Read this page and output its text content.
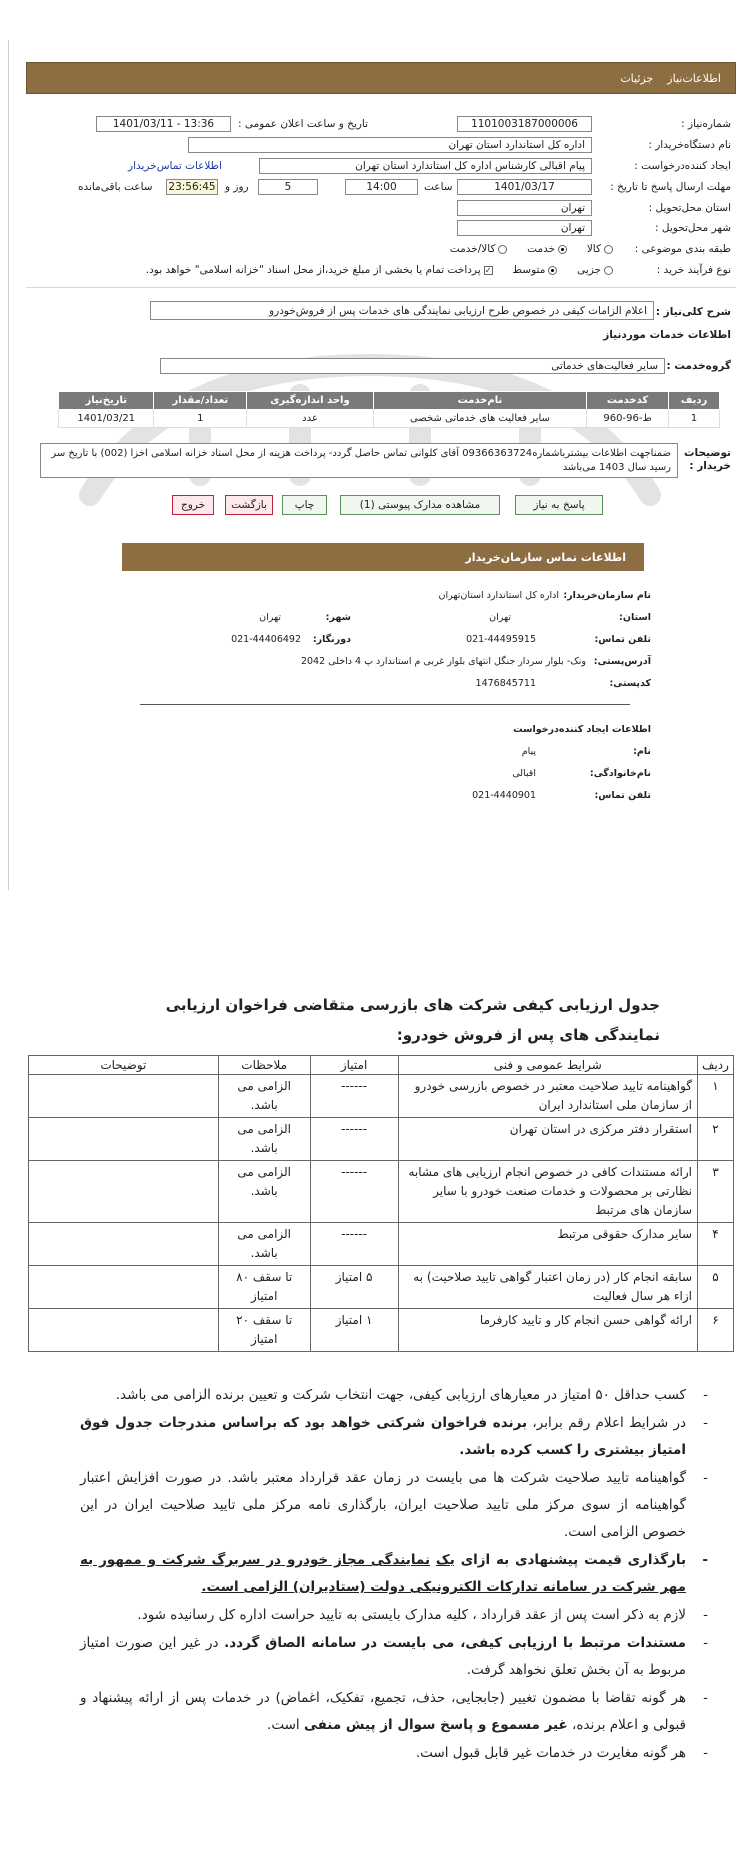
اطلاعات‌نیاز
جزئیات
شماره‌نیاز :
1101003187000006
تاریخ و ساعت اعلان عمومی :
1401/03/11 - 13:36
نام دستگاه‌خریدار :
اداره کل استاندارد استان تهران
ایجاد کننده‌درخواست :
پیام اقبالی کارشناس اداره کل استاندارد استان تهران
اطلاعات تماس‌خریدار
مهلت ارسال پاسخ تا تاریخ :
1401/03/17
ساعت
14:00
5
روز و
23:56:45
ساعت باقی‌مانده
استان محل‌تحویل :
تهران
شهر محل‌تحویل :
تهران
طبقه بندی موضوعی :
کالا     خدمت     کالا/خدمت
نوع فرآیند خرید :
جزیی     متوسط     ✓پرداخت تمام یا بخشی از مبلغ خرید،از محل اسناد "خزانه اسلامی" خواهد بود.
شرح کلی‌نیاز :
اعلام الزامات کیفی در خصوص طرح ارزیابی نمایندگی های خدمات پس از فروش‌خودرو
اطلاعات خدمات موردنیاز
گروه‌خدمت :
سایر فعالیت‌های خدماتی
ردیف	کدخدمت	نام‌خدمت	واحد اندازه‌گیری	تعداد/مقدار	تاریخ‌نیاز
1	ط-96-960	سایر فعالیت های خدماتی شخصی	عدد	1	1401/03/21
توضیحات خریدار :
ضمناجهت اطلاعات بیشترباشماره09366363724 آقای کلوانی تماس حاصل گردد- پرداخت هزینه از محل اسناد خزانه اسلامی اخزا (002) با تاریخ سر رسید سال 1403 می‌باشد
پاسخ به نیاز
مشاهده مدارک پیوستی (1)
چاپ
بازگشت
خروج
اطلاعات تماس سازمان‌خریدار
نام سازمان‌خریدار:
اداره کل استاندارد استان‌تهران
استان:
تهران
شهر:
تهران
تلفن تماس:
021-44495915
دورنگار:
021-44406492
آدرس‌پستی:
ونک- بلوار سردار جنگل انتهای بلوار غربی م استاندارد پ 4 داخلی 2042
کدپستی:
1476845711
اطلاعات ایجاد کننده‌درخواست
نام:
پیام
نام‌خانوادگی:
اقبالی
تلفن تماس:
021-4440901
جدول ارزیابی کیفی شرکت های بازرسی متقاضی فراخوان ارزیابی نمایندگی های پس از فروش خودرو:
ردیف	شرایط عمومی و فنی	امتیاز	ملاحظات	توضیحات
۱	گواهینامه تایید صلاحیت معتبر در خصوص بازرسی خودرو از سازمان ملی استاندارد ایران	------	الزامی می باشد.	
۲	استقرار دفتر مرکزی در استان تهران	------	الزامی می باشد.	
۳	ارائه مستندات کافی در خصوص انجام ارزیابی های مشابه نظارتی بر محصولات و خدمات صنعت خودرو با سایر سازمان های مرتبط	------	الزامی می باشد.	
۴	سایر مدارک حقوقی مرتبط	------	الزامی می باشد.	
۵	سابقه انجام کار (در زمان اعتبار گواهی تایید صلاحیت) به ازاء هر سال فعالیت	۵ امتیاز	تا سقف ۸۰ امتیاز	
۶	ارائه گواهی حسن انجام کار و تایید کارفرما	۱ امتیاز	تا سقف ۲۰ امتیاز	
- کسب حداقل ۵۰ امتیاز در معیارهای ارزیابی کیفی، جهت انتخاب شرکت و تعیین برنده الزامی می باشد.
- در شرایط اعلام رقم برابر، برنده فراخوان شرکتی خواهد بود که براساس مندرجات جدول فوق امتیاز بیشتری را کسب کرده باشد.
- گواهینامه تایید صلاحیت شرکت ها می بایست در زمان عقد قرارداد معتبر باشد. در صورت افزایش اعتبار گواهینامه از سوی مرکز ملی تایید صلاحیت ایران، بارگذاری نامه مرکز ملی تایید صلاحیت ایران در این خصوص الزامی است.
- بارگذاری قیمت پیشنهادی به ازای یک نمایندگی مجاز خودرو در سربرگ شرکت و ممهور به مهر شرکت در سامانه تدارکات الکترونیکی دولت (ستادیران) الزامی است.
- لازم به ذکر است پس از عقد قرارداد ، کلیه مدارک بایستی به تایید حراست اداره کل رسانیده شود.
- مستندات مرتبط با ارزیابی کیفی، می بایست در سامانه الصاق گردد. در غیر این صورت امتیاز مربوط به آن بخش تعلق نخواهد گرفت.
- هر گونه تقاضا با مضمون تغییر (جابجایی، حذف، تجمیع، تفکیک، اغماض) در خدمات پس از ارائه پیشنهاد و قبولی و اعلام برنده، غیر مسموع و پاسخ سوال از پیش منفی است.
- هر گونه مغایرت در خدمات غیر قابل قبول است.
